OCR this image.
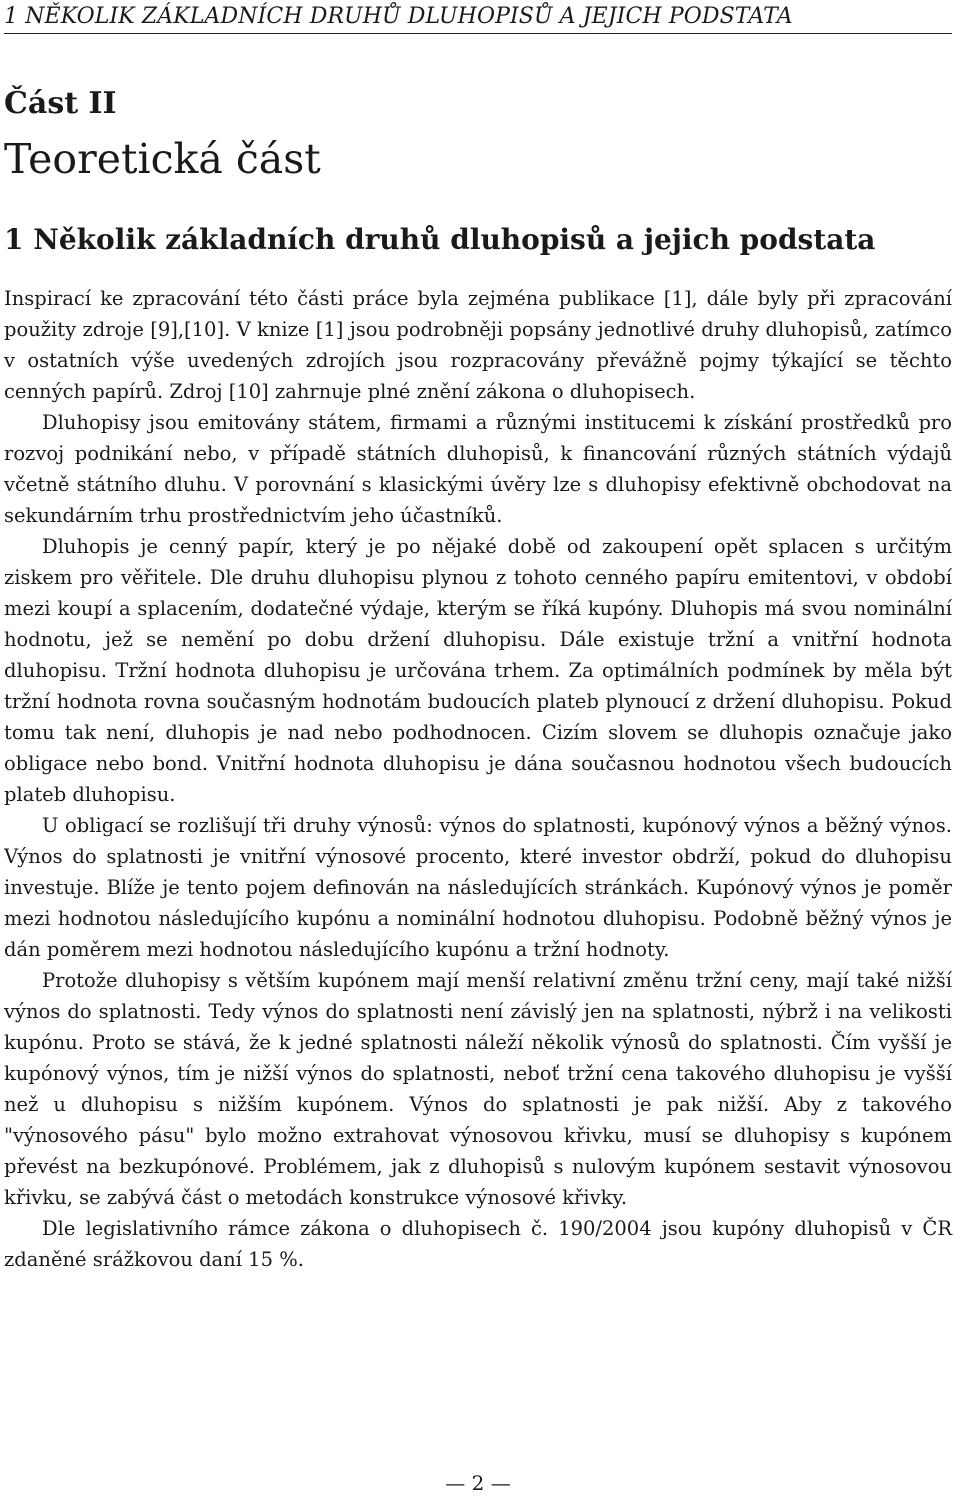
1 NĚKOLIK ZÁKLADNÍCH DRUHŮ DLUHOPISŮ A JEJICH PODSTATA
Část II
Teoretická část
1 Několik základních druhů dluhopisů a jejich podstata

Inspirací ke zpracování této části práce byla zejména publikace [1], dále byly při zpracování použity zdroje [9],[10]. V knize [1] jsou podrobněji popsány jednotlivé druhy dluhopisů, zatímco v ostatních výše uvedených zdrojích jsou rozpracovány převážně pojmy týkající se těchto cenných papírů. Zdroj [10] zahrnuje plné znění zákona o dluhopisech.

Dluhopisy jsou emitovány státem, firmami a různými institucemi k získání prostředků pro rozvoj podnikání nebo, v případě státních dluhopisů, k financování různých státních výdajů včetně státního dluhu. V porovnání s klasickými úvěry lze s dluhopisy efektivně obchodovat na sekundárním trhu prostřednictvím jeho účastníků.

Dluhopis je cenný papír, který je po nějaké době od zakoupení opět splacen s určitým ziskem pro věřitele. Dle druhu dluhopisu plynou z tohoto cenného papíru emitentovi, v období mezi koupí a splacením, dodatečné výdaje, kterým se říká kupóny. Dluhopis má svou nominální hodnotu, jež se nemění po dobu držení dluhopisu. Dále existuje tržní a vnitřní hodnota dluhopisu. Tržní hodnota dluhopisu je určována trhem. Za optimálních podmínek by měla být tržní hodnota rovna současným hodnotám budoucích plateb plynoucí z držení dluhopisu. Pokud tomu tak není, dluhopis je nad nebo podhodnocen. Cizím slovem se dluhopis označuje jako obligace nebo bond. Vnitřní hodnota dluhopisu je dána současnou hodnotou všech budoucích plateb dluhopisu.

U obligací se rozlišují tři druhy výnosů: výnos do splatnosti, kupónový výnos a běžný výnos. Výnos do splatnosti je vnitřní výnosové procento, které investor obdrží, pokud do dluhopisu investuje. Blíže je tento pojem definován na následujících stránkách. Kupónový výnos je poměr mezi hodnotou následujícího kupónu a nominální hodnotou dluhopisu. Podobně běžný výnos je dán poměrem mezi hodnotou následujícího kupónu a tržní hodnoty.

Protože dluhopisy s větším kupónem mají menší relativní změnu tržní ceny, mají také nižší výnos do splatnosti. Tedy výnos do splatnosti není závislý jen na splatnosti, nýbrž i na velikosti kupónu. Proto se stává, že k jedné splatnosti náleží několik výnosů do splatnosti. Čím vyšší je kupónový výnos, tím je nižší výnos do splatnosti, neboť tržní cena takového dluhopisu je vyšší než u dluhopisu s nižším kupónem. Výnos do splatnosti je pak nižší. Aby z takového "výnosového pásu" bylo možno extrahovat výnosovou křivku, musí se dluhopisy s kupónem převést na bezkupónové. Problémem, jak z dluhopisů s nulovým kupónem sestavit výnosovou křivku, se zabývá část o metodách konstrukce výnosové křivky.

Dle legislativního rámce zákona o dluhopisech č. 190/2004 jsou kupóny dluhopisů v ČR zdaněné srážkovou daní 15 %.

— 2 —
